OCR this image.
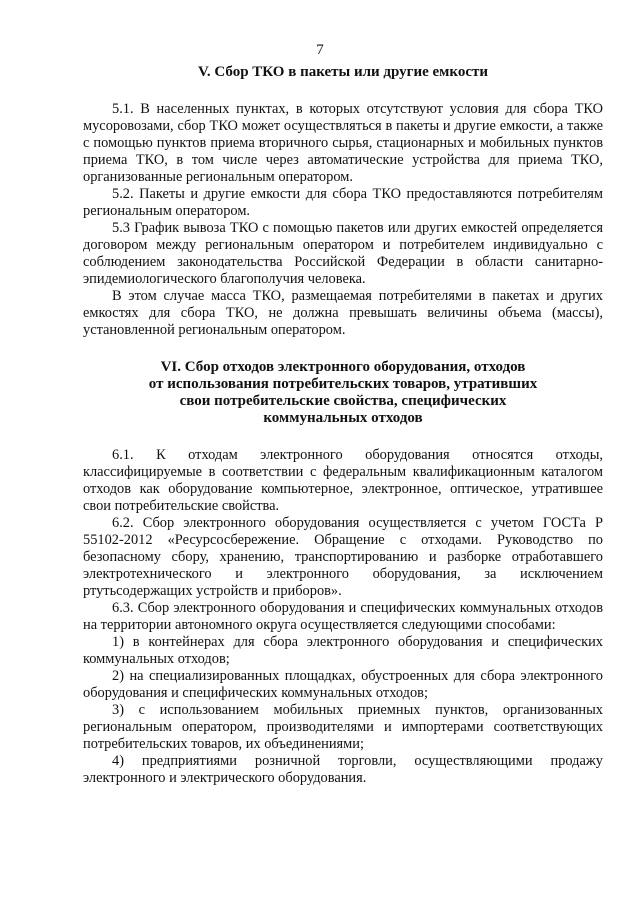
7
V. Сбор ТКО в пакеты или другие емкости

5.1. В населенных пунктах, в которых отсутствуют условия для сбора ТКО мусоровозами, сбор ТКО может осуществляться в пакеты и другие емкости, а также с помощью пунктов приема вторичного сырья, стационарных и мобильных пунктов приема ТКО, в том числе через автоматические устройства для приема ТКО, организованные региональным оператором.

5.2. Пакеты и другие емкости для сбора ТКО предоставляются потребителям региональным оператором.

5.3 График вывоза ТКО с помощью пакетов или других емкостей определяется договором между региональным оператором и потребителем индивидуально с соблюдением законодательства Российской Федерации в области санитарно-эпидемиологического благополучия человека.

В этом случае масса ТКО, размещаемая потребителями в пакетах и других емкостях для сбора ТКО, не должна превышать величины объема (массы), установленной региональным оператором.

VI. Сбор отходов электронного оборудования, отходов
от использования потребительских товаров, утративших
свои потребительские свойства, специфических
коммунальных отходов

6.1. К отходам электронного оборудования относятся отходы, классифицируемые в соответствии с федеральным квалификационным каталогом отходов как оборудование компьютерное, электронное, оптическое, утратившее свои потребительские свойства.

6.2. Сбор электронного оборудования осуществляется с учетом ГОСТа Р 55102-2012 «Ресурсосбережение. Обращение с отходами. Руководство по безопасному сбору, хранению, транспортированию и разборке отработавшего электротехнического и электронного оборудования, за исключением ртутьсодержащих устройств и приборов».

6.3. Сбор электронного оборудования и специфических коммунальных отходов на территории автономного округа осуществляется следующими способами:

1) в контейнерах для сбора электронного оборудования и специфических коммунальных отходов;

2) на специализированных площадках, обустроенных для сбора электронного оборудования и специфических коммунальных отходов;

3) с использованием мобильных приемных пунктов, организованных региональным оператором, производителями и импортерами соответствующих потребительских товаров, их объединениями;

4) предприятиями розничной торговли, осуществляющими продажу электронного и электрического оборудования.
